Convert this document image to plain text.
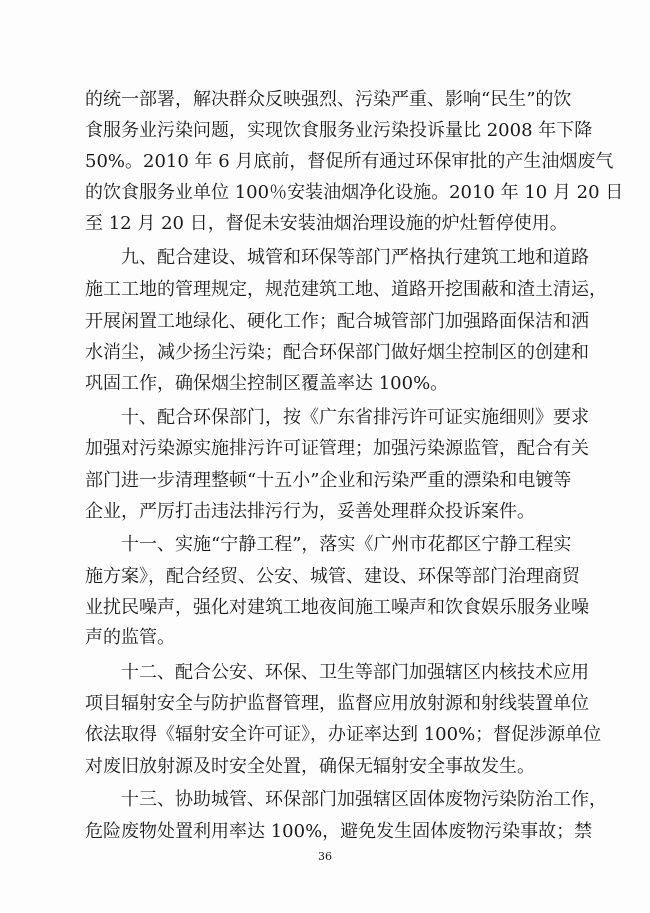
的统一部署，解决群众反映强烈、污染严重、影响“民生”的饮
食服务业污染问题，实现饮食服务业污染投诉量比 2008 年下降
50%。2010 年 6 月底前，督促所有通过环保审批的产生油烟废气
的饮食服务业单位 100％安装油烟净化设施。2010 年 10 月 20 日
至 12 月 20 日，督促未安装油烟治理设施的炉灶暂停使用。
九、配合建设、城管和环保等部门严格执行建筑工地和道路
施工工地的管理规定，规范建筑工地、道路开挖围蔽和渣土清运，
开展闲置工地绿化、硬化工作；配合城管部门加强路面保洁和洒
水消尘，减少扬尘污染；配合环保部门做好烟尘控制区的创建和
巩固工作，确保烟尘控制区覆盖率达 100%。
十、配合环保部门，按《广东省排污许可证实施细则》要求
加强对污染源实施排污许可证管理；加强污染源监管，配合有关
部门进一步清理整顿“十五小”企业和污染严重的漂染和电镀等
企业，严厉打击违法排污行为，妥善处理群众投诉案件。
十一、实施“宁静工程”，落实《广州市花都区宁静工程实
施方案》，配合经贸、公安、城管、建设、环保等部门治理商贸
业扰民噪声，强化对建筑工地夜间施工噪声和饮食娱乐服务业噪
声的监管。
十二、配合公安、环保、卫生等部门加强辖区内核技术应用
项目辐射安全与防护监督管理，监督应用放射源和射线装置单位
依法取得《辐射安全许可证》，办证率达到 100%；督促涉源单位
对废旧放射源及时安全处置，确保无辐射安全事故发生。
十三、协助城管、环保部门加强辖区固体废物污染防治工作，
危险废物处置利用率达 100%，避免发生固体废物污染事故；禁
36
